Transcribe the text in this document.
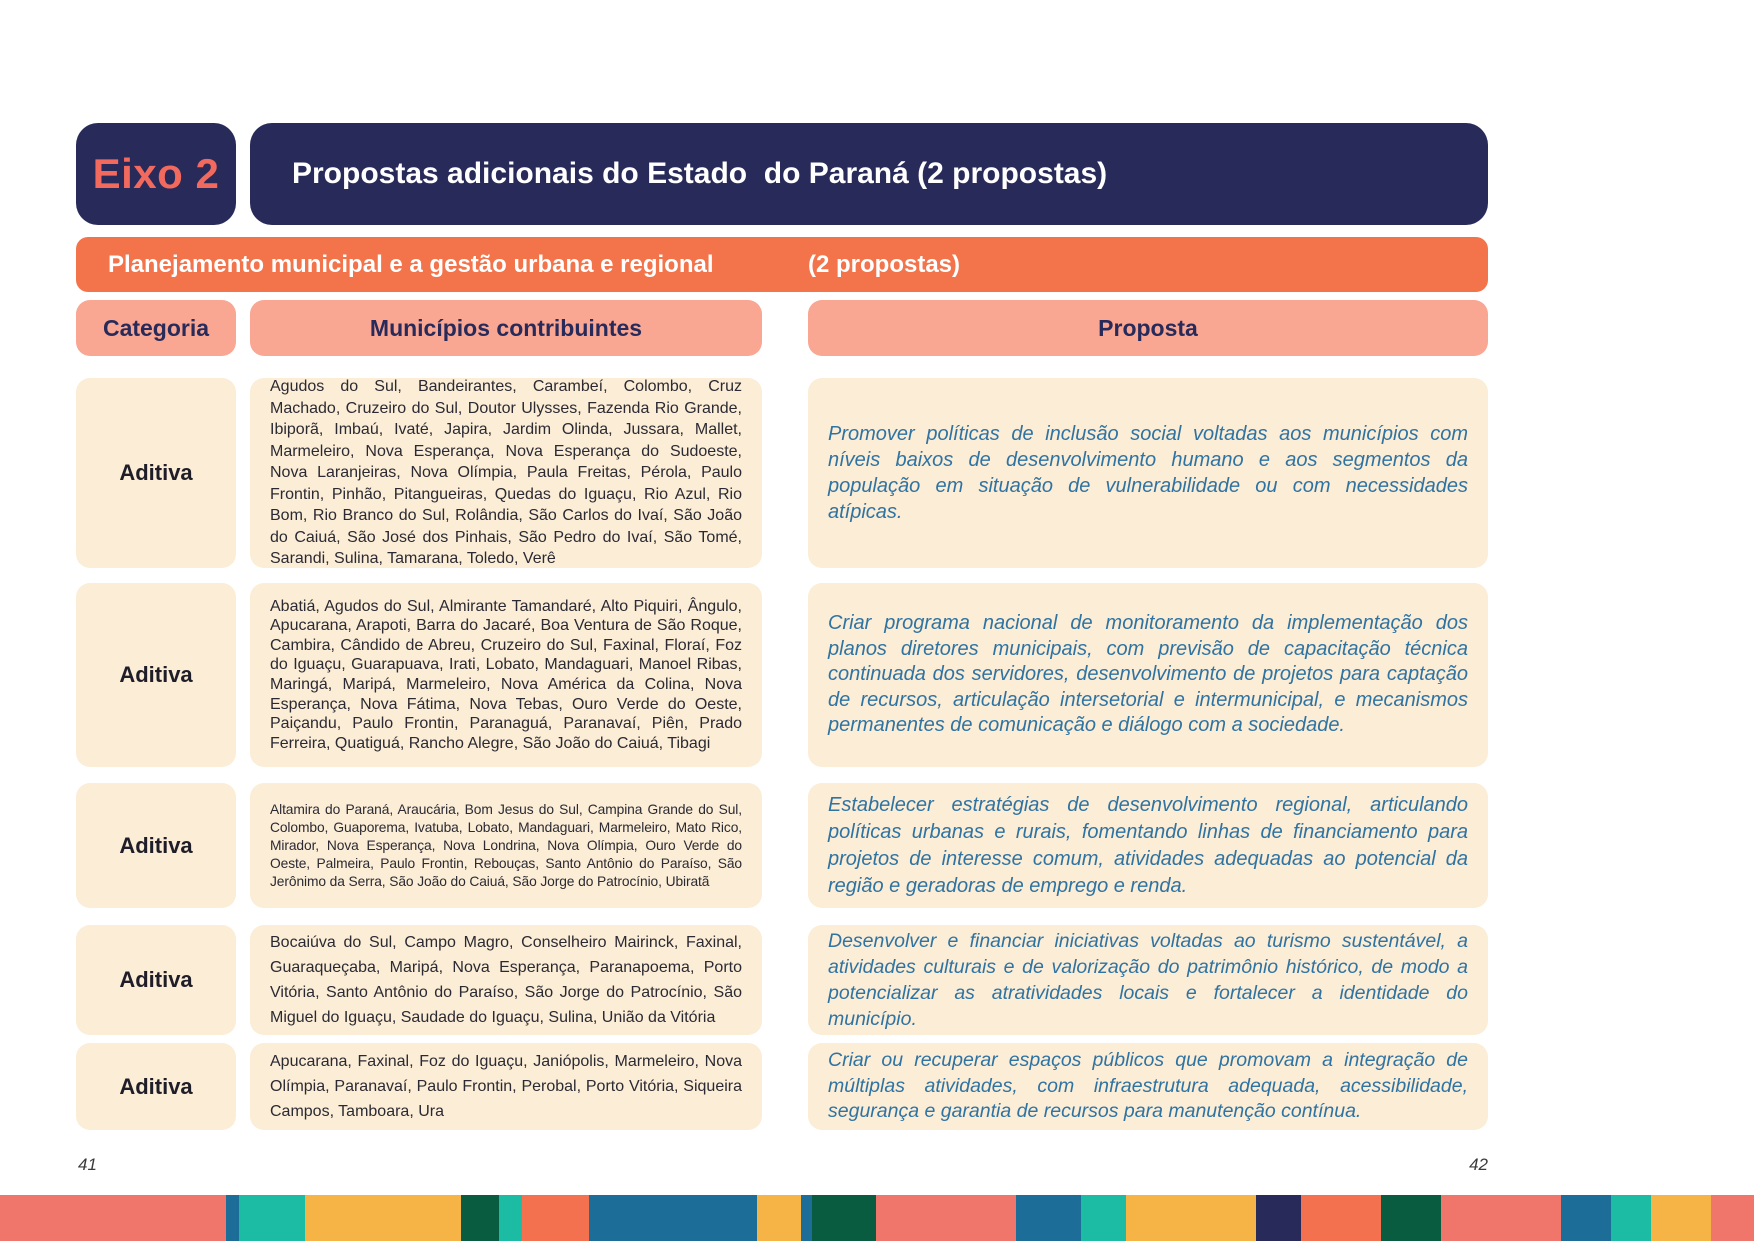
Eixo 2 Propostas adicionais do Estado  do Paraná (2 propostas)
Planejamento municipal e a gestão urbana e regional	(2 propostas)
Categoria	Municípios contribuintes	Proposta
Aditiva

Agudos do Sul, Bandeirantes, Carambeí, Colombo, Cruz Machado, Cruzeiro do Sul, Doutor Ulysses, Fazenda Rio Grande, Ibiporã, Imbaú, Ivaté, Japira, Jardim Olinda, Jussara, Mallet, Marmeleiro, Nova Esperança, Nova Esperança do Sudoeste, Nova Laranjeiras, Nova Olímpia, Paula Freitas, Pérola, Paulo Frontin, Pinhão, Pitangueiras, Quedas do Iguaçu, Rio Azul, Rio Bom, Rio Branco do Sul, Rolândia, São Carlos do Ivaí, São João do Caiuá, São José dos Pinhais, São Pedro do Ivaí, São Tomé, Sarandi, Sulina, Tamarana, Toledo, Verê

Promover políticas de inclusão social voltadas aos municípios com níveis baixos de desenvolvimento humano e aos segmentos da população em situação de vulnerabilidade ou com necessidades atípicas.

Aditiva

Abatiá, Agudos do Sul, Almirante Tamandaré, Alto Piquiri, Ângulo, Apucarana, Arapoti, Barra do Jacaré, Boa Ventura de São Roque, Cambira, Cândido de Abreu, Cruzeiro do Sul, Faxinal, Floraí, Foz do Iguaçu, Guarapuava, Irati, Lobato, Mandaguari, Manoel Ribas, Maringá, Maripá, Marmeleiro, Nova América da Colina, Nova Esperança, Nova Fátima, Nova Tebas, Ouro Verde do Oeste, Paiçandu, Paulo Frontin, Paranaguá, Paranavaí, Piên, Prado Ferreira, Quatiguá, Rancho Alegre, São João do Caiuá, Tibagi

Criar programa nacional de monitoramento da implementação dos planos diretores municipais, com previsão de capacitação técnica continuada dos servidores, desenvolvimento de projetos para captação de recursos, articulação intersetorial e intermunicipal, e mecanismos permanentes de comunicação e diálogo com a sociedade.

Aditiva

Altamira do Paraná, Araucária, Bom Jesus do Sul, Campina Grande do Sul, Colombo, Guaporema, Ivatuba, Lobato, Mandaguari, Marmeleiro, Mato Rico, Mirador, Nova Esperança, Nova Londrina, Nova Olímpia, Ouro Verde do Oeste, Palmeira, Paulo Frontin, Rebouças, Santo Antônio do Paraíso, São Jerônimo da Serra, São João do Caiuá, São Jorge do Patrocínio, Ubiratã

Estabelecer estratégias de desenvolvimento regional, articulando políticas urbanas e rurais, fomentando linhas de financiamento para projetos de interesse comum, atividades adequadas ao potencial da região e geradoras de emprego e renda.

Aditiva

Bocaiúva do Sul, Campo Magro, Conselheiro Mairinck, Faxinal, Guaraqueçaba, Maripá, Nova Esperança, Paranapoema, Porto Vitória, Santo Antônio do Paraíso, São Jorge do Patrocínio, São Miguel do Iguaçu, Saudade do Iguaçu, Sulina, União da Vitória

Desenvolver e financiar iniciativas voltadas ao turismo sustentável, a atividades culturais e de valorização do patrimônio histórico, de modo a potencializar as atratividades locais e fortalecer a identidade do município.

Aditiva

Apucarana, Faxinal, Foz do Iguaçu, Janiópolis, Marmeleiro, Nova Olímpia, Paranavaí, Paulo Frontin, Perobal, Porto Vitória, Siqueira Campos, Tamboara, Ura

Criar ou recuperar espaços públicos que promovam a integração de múltiplas atividades, com infraestrutura adequada, acessibilidade, segurança e garantia de recursos para manutenção contínua.

41	42
